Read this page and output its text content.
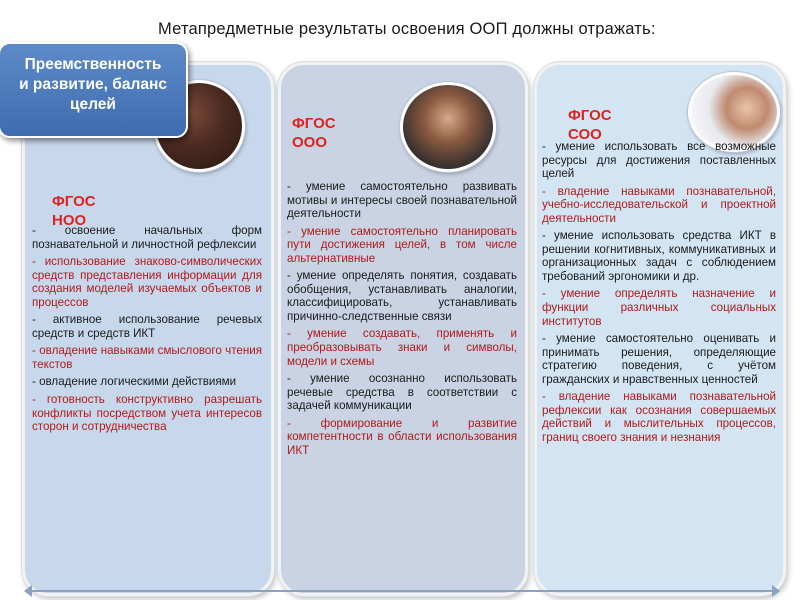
Метапредметные результаты освоения ООП должны отражать:

- освоение начальных форм познавательной и личностной рефлексии

- использование знаково-символических средств представления информации для создания моделей изучаемых объектов и процессов

- активное использование речевых средств и средств ИКТ

- овладение навыками смыслового чтения текстов

- овладение логическими действиями

- готовность конструктивно разрешать конфликты посредством учета интересов сторон и сотрудничества

- умение самостоятельно развивать мотивы и интересы своей познавательной деятельности

- умение самостоятельно планировать пути достижения целей, в том числе альтернативные

- умение определять понятия, создавать обобщения, устанавливать аналогии, классифицировать, устанавливать причинно-следственные связи

- умение создавать, применять и преобразовывать знаки и символы, модели и схемы

- умение осознанно использовать речевые средства в соответствии с задачей коммуникации

- формирование и развитие компетентности в области использования ИКТ

- умение использовать все возможные ресурсы для достижения поставленных целей

- владение навыками познавательной, учебно-исследовательской и проектной деятельности

- умение использовать средства ИКТ в решении когнитивных, коммуникативных и организационных задач с соблюдением требований эргономики и др.

- умение определять назначение и функции различных социальных институтов

- умение самостоятельно оценивать и принимать решения, определяющие стратегию поведения, с учётом гражданских и нравственных ценностей

- владение навыками познавательной рефлексии как осознания совершаемых действий и мыслительных процессов, границ своего знания и незнания

ФГОС
НОО
ФГОС
ООО
ФГОС
СОО
Преемственность
и развитие, баланс
целей
